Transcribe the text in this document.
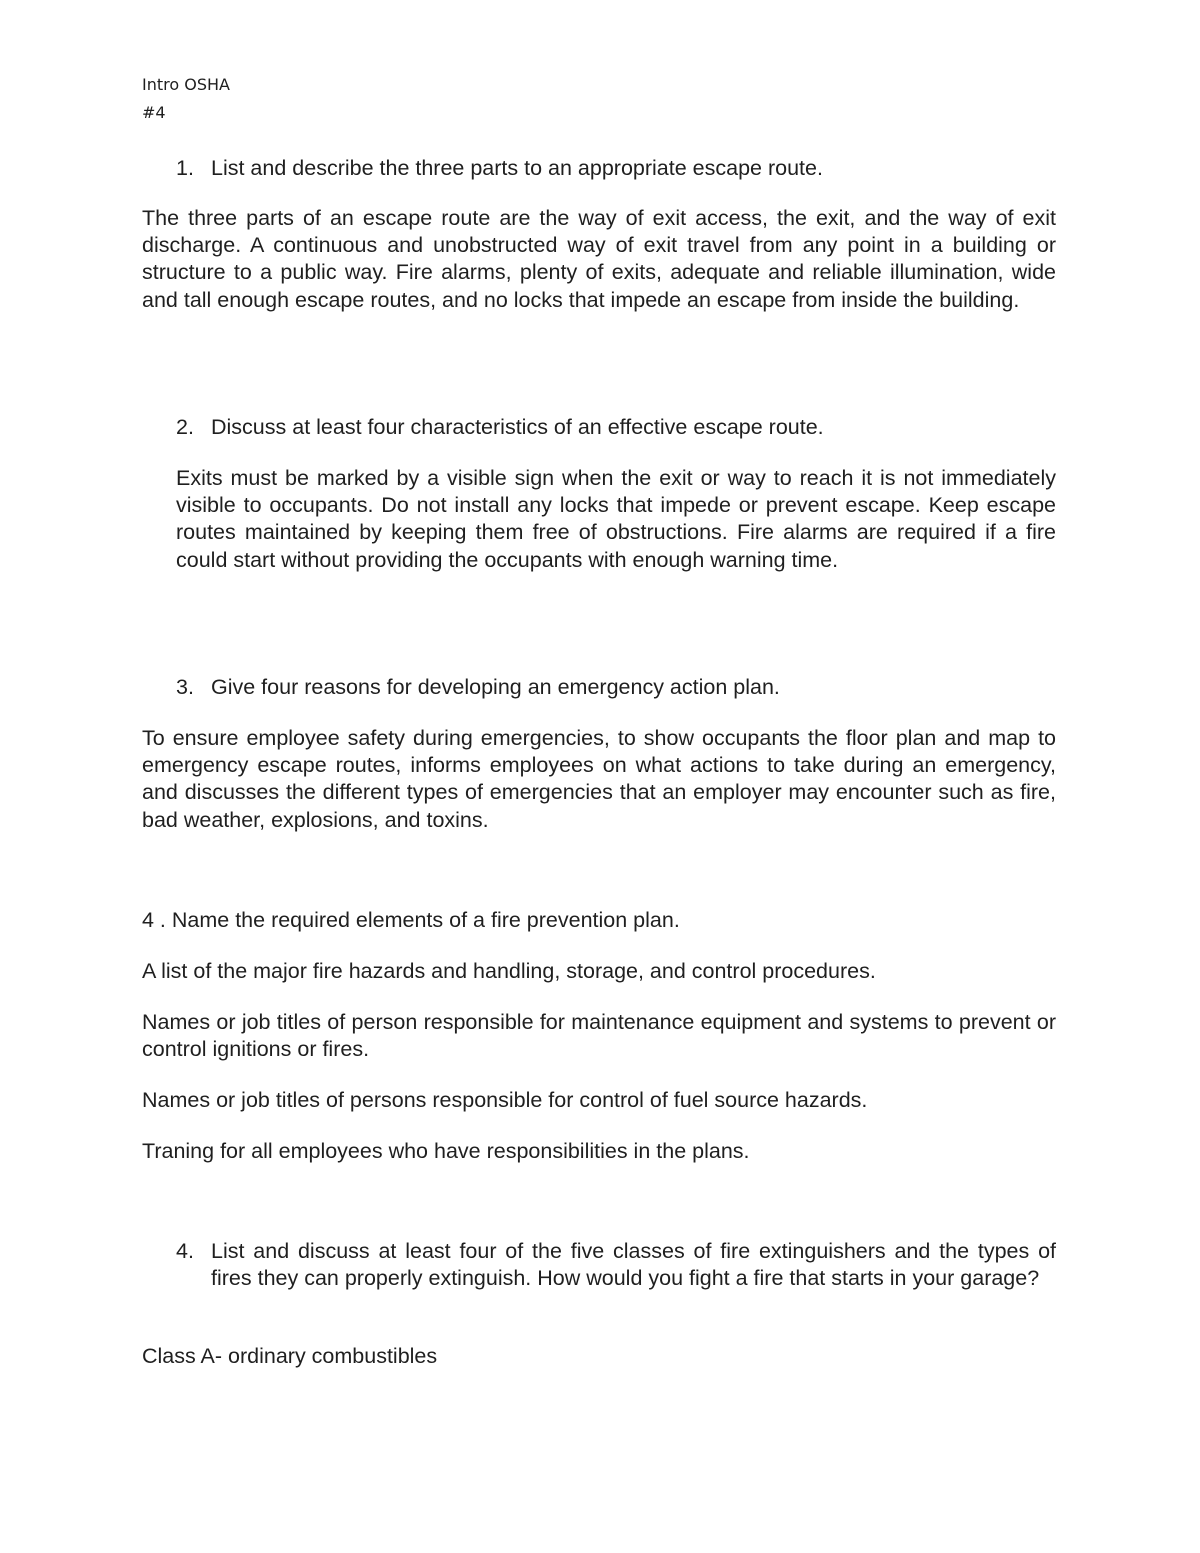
Intro OSHA
#4
1. List and describe the three parts to an appropriate escape route.

The three parts of an escape route are the way of exit access, the exit, and the way of exit discharge. A continuous and unobstructed way of exit travel from any point in a building or structure to a public way. Fire alarms, plenty of exits, adequate and reliable illumination, wide and tall enough escape routes, and no locks that impede an escape from inside the building.

2. Discuss at least four characteristics of an effective escape route.

Exits must be marked by a visible sign when the exit or way to reach it is not immediately visible to occupants. Do not install any locks that impede or prevent escape. Keep escape routes maintained by keeping them free of obstructions. Fire alarms are required if a fire could start without providing the occupants with enough warning time.

3. Give four reasons for developing an emergency action plan.

To ensure employee safety during emergencies, to show occupants the floor plan and map to emergency escape routes, informs employees on what actions to take during an emergency, and discusses the different types of emergencies that an employer may encounter such as fire, bad weather, explosions, and toxins.

4 . Name the required elements of a fire prevention plan.

A list of the major fire hazards and handling, storage, and control procedures.

Names or job titles of person responsible for maintenance equipment and systems to prevent or control ignitions or fires.

Names or job titles of persons responsible for control of fuel source hazards.

Traning for all employees who have responsibilities in the plans.

4. List and discuss at least four of the five classes of fire extinguishers and the types of fires they can properly extinguish. How would you fight a fire that starts in your garage?

Class A- ordinary combustibles
